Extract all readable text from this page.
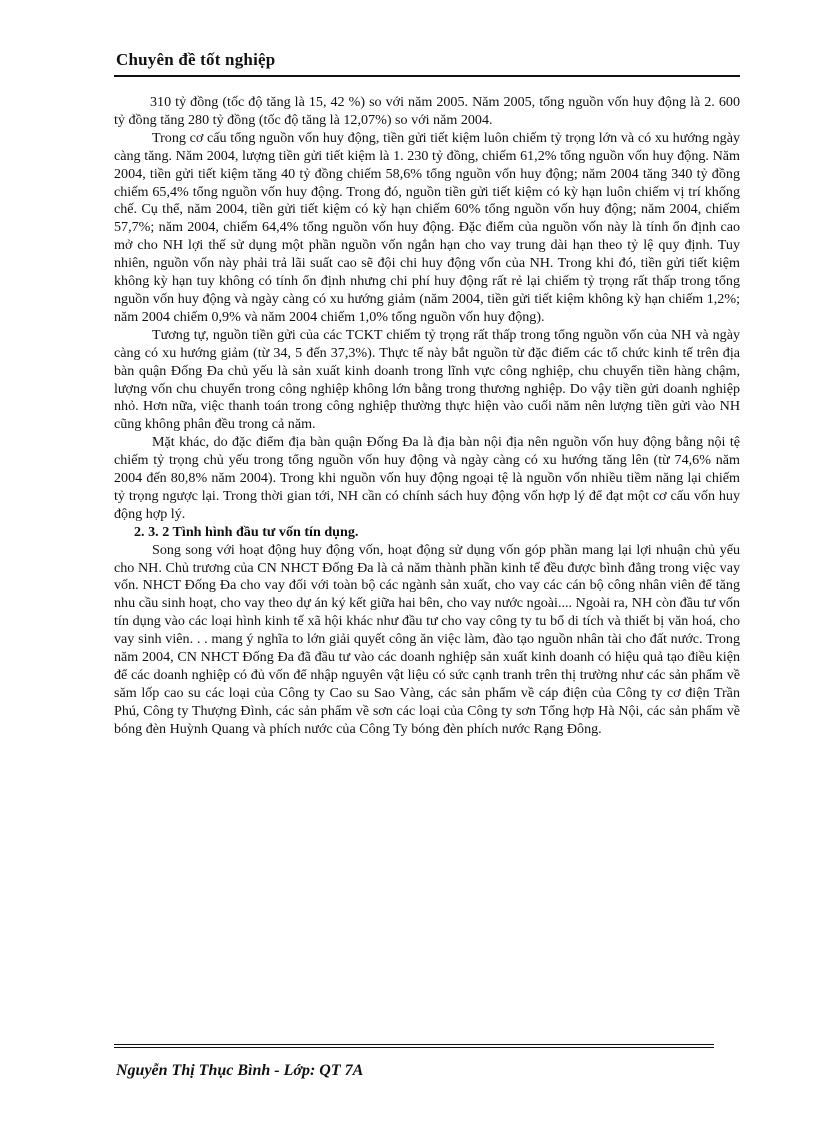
Chuyên đề tốt nghiệp

310 tỷ đồng (tốc độ tăng là 15, 42 %) so với năm 2005. Năm 2005, tổng nguồn vốn huy động là 2. 600 tỷ đồng tăng 280 tỷ đồng (tốc độ tăng là 12,07%) so với năm 2004.

Trong cơ cấu tổng nguồn vốn huy động, tiền gửi tiết kiệm luôn chiếm tỷ trọng lớn và có xu hướng ngày càng tăng. Năm 2004, lượng tiền gửi tiết kiệm là 1. 230 tỷ đồng, chiếm 61,2% tổng nguồn vốn huy động. Năm 2004, tiền gửi tiết kiệm tăng 40 tỷ đồng chiếm 58,6% tổng nguồn vốn huy động; năm 2004 tăng 340 tỷ đồng chiếm 65,4% tổng nguồn vốn huy động. Trong đó, nguồn tiền gửi tiết kiệm có kỳ hạn luôn chiếm vị trí khống chế. Cụ thể, năm 2004, tiền gửi tiết kiệm có kỳ hạn chiếm 60% tổng nguồn vốn huy động; năm 2004, chiếm 57,7%; năm 2004, chiếm 64,4% tổng nguồn vốn huy động. Đặc điểm của nguồn vốn này là tính ổn định cao mở cho NH lợi thế sử dụng một phần nguồn vốn ngắn hạn cho vay trung dài hạn theo tỷ lệ quy định. Tuy nhiên, nguồn vốn này phải trả lãi suất cao sẽ đội chi huy động vốn của NH. Trong khi đó, tiền gửi tiết kiệm không kỳ hạn tuy không có tính ổn định nhưng chi phí huy động rất rẻ lại chiếm tỷ trọng rất thấp trong tổng nguồn vốn huy động và ngày càng có xu hướng giảm (năm 2004, tiền gửi tiết kiệm không kỳ hạn chiếm 1,2%; năm 2004 chiếm 0,9% và năm 2004 chiếm 1,0% tổng nguồn vốn huy động).

Tương tự, nguồn tiền gửi của các TCKT chiếm tỷ trọng rất thấp trong tổng nguồn vốn của NH và ngày càng có xu hướng giảm (từ 34, 5 đến 37,3%). Thực tế này bắt nguồn từ đặc điểm các tổ chức kinh tế trên địa bàn quận Đống Đa chủ yếu là sản xuất kinh doanh trong lĩnh vực công nghiệp, chu chuyển tiền hàng chậm, lượng vốn chu chuyển trong công nghiệp không lớn bằng trong thương nghiệp. Do vậy tiền gửi doanh nghiệp nhỏ. Hơn nữa, việc thanh toán trong công nghiệp thường thực hiện vào cuối năm nên lượng tiền gửi vào NH cũng không phân đều trong cả năm.

Mặt khác, do đặc điểm địa bàn quận Đống Đa là địa bàn nội địa nên nguồn vốn huy động bằng nội tệ chiếm tỷ trọng chủ yếu trong tổng nguồn vốn huy động và ngày càng có xu hướng tăng lên (từ 74,6% năm 2004 đến 80,8% năm 2004). Trong khi nguồn vốn huy động ngoại tệ là nguồn vốn nhiều tiềm năng lại chiếm tỷ trọng ngược lại. Trong thời gian tới, NH cần có chính sách huy động vốn hợp lý để đạt một cơ cấu vốn huy động hợp lý.

2. 3. 2 Tình hình đầu tư vốn tín dụng.

Song song với hoạt động huy động vốn, hoạt động sử dụng vốn góp phần mang lại lợi nhuận chủ yếu cho NH. Chủ trương của CN NHCT Đống Đa là cả năm thành phần kinh tế đều được bình đẳng trong việc vay vốn. NHCT Đống Đa cho vay đối với toàn bộ các ngành sản xuất, cho vay các cán bộ công nhân viên để tăng nhu cầu sinh hoạt, cho vay theo dự án ký kết giữa hai bên, cho vay nước ngoài.... Ngoài ra, NH còn đầu tư vốn tín dụng vào các loại hình kinh tế xã hội khác như đầu tư cho vay công ty tu bổ di tích và thiết bị văn hoá, cho vay sinh viên. . . mang ý nghĩa to lớn giải quyết công ăn việc làm, đào tạo nguồn nhân tài cho đất nước. Trong năm 2004, CN NHCT Đống Đa đã đầu tư vào các doanh nghiệp sản xuất kinh doanh có hiệu quả tạo điều kiện để các doanh nghiệp có đủ vốn để nhập nguyên vật liệu có sức cạnh tranh trên thị trường như các sản phẩm về săm lốp cao su các loại của Công ty Cao su Sao Vàng, các sản phẩm về cáp điện của Công ty cơ điện Trần Phú, Công ty Thượng Đình, các sản phẩm về sơn các loại của Công ty sơn Tổng hợp Hà Nội, các sản phẩm về bóng đèn Huỳnh Quang và phích nước của Công Ty bóng đèn phích nước Rạng Đông.

Nguyễn Thị Thục Bình - Lớp: QT 7A
